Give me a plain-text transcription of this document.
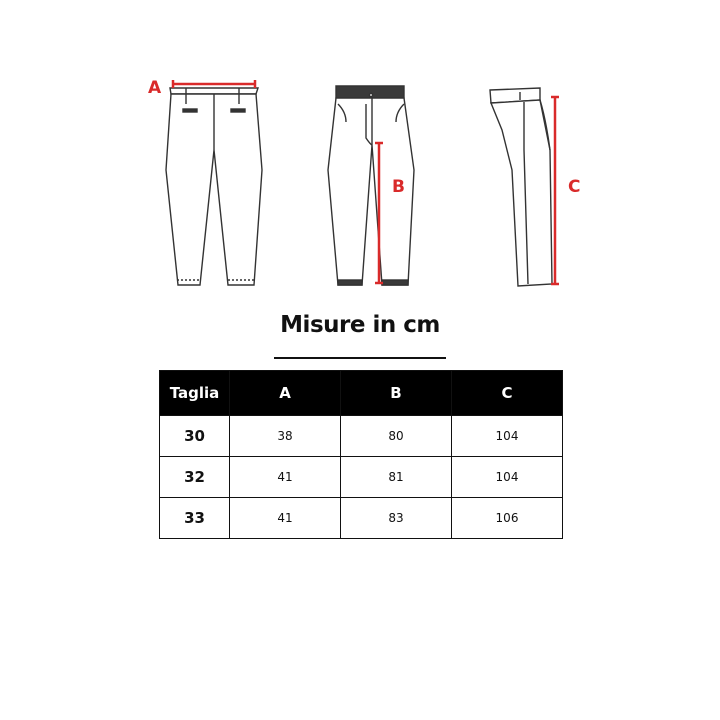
A
B	C
Misure in cm
Taglia	A	B	C
30	38	80	104
32	41	81	104
33	41	83	106
